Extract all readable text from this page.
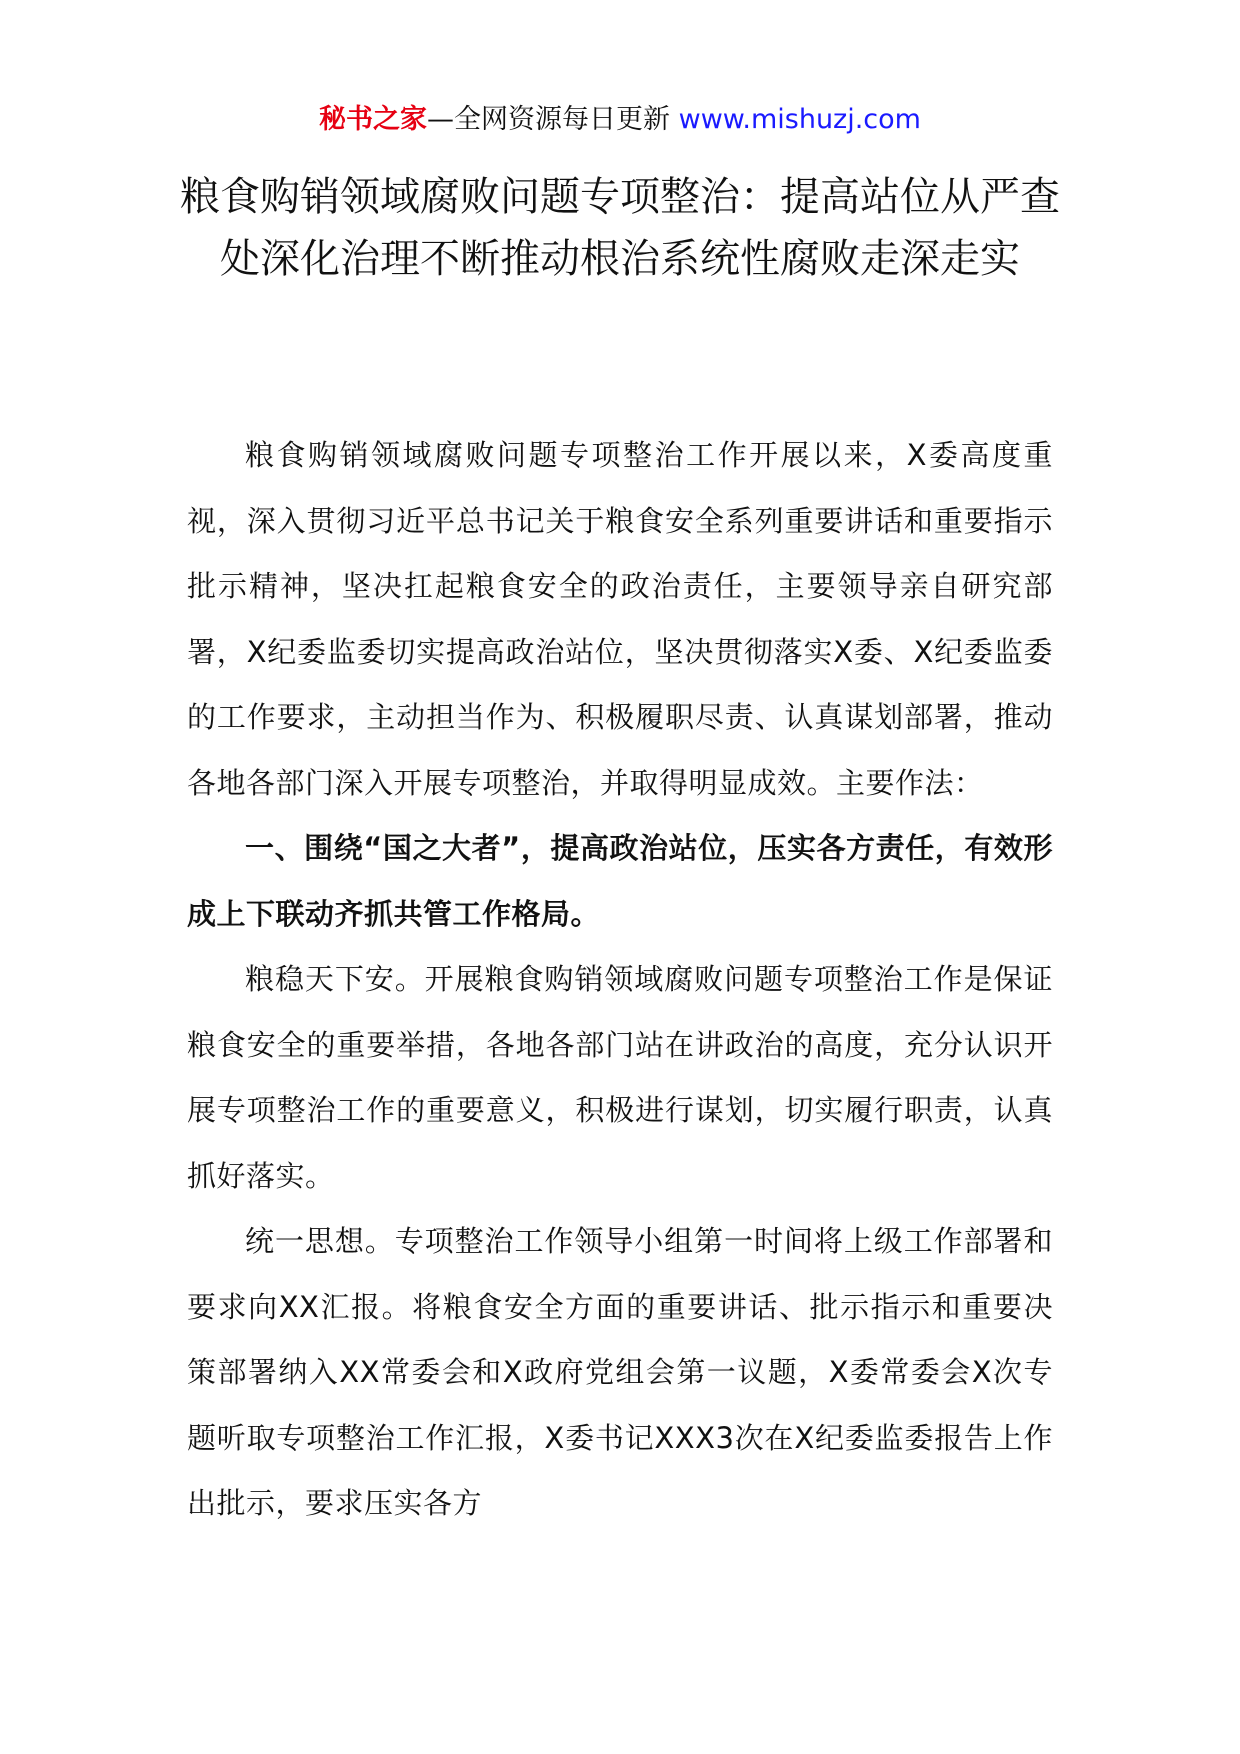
秘书之家—全网资源每日更新 www.mishuzj.com
粮食购销领域腐败问题专项整治：提高站位从严查处深化治理不断推动根治系统性腐败走深走实

粮食购销领域腐败问题专项整治工作开展以来，X委高度重视，深入贯彻习近平总书记关于粮食安全系列重要讲话和重要指示批示精神，坚决扛起粮食安全的政治责任，主要领导亲自研究部署，X纪委监委切实提高政治站位，坚决贯彻落实X委、X纪委监委的工作要求，主动担当作为、积极履职尽责、认真谋划部署，推动各地各部门深入开展专项整治，并取得明显成效。主要作法：

一、围绕“国之大者”，提高政治站位，压实各方责任，有效形成上下联动齐抓共管工作格局。

粮稳天下安。开展粮食购销领域腐败问题专项整治工作是保证粮食安全的重要举措，各地各部门站在讲政治的高度，充分认识开展专项整治工作的重要意义，积极进行谋划，切实履行职责，认真抓好落实。

统一思想。专项整治工作领导小组第一时间将上级工作部署和要求向XX汇报。将粮食安全方面的重要讲话、批示指示和重要决策部署纳入XX常委会和X政府党组会第一议题，X委常委会X次专题听取专项整治工作汇报，X委书记XXX3次在X纪委监委报告上作出批示，要求压实各方
